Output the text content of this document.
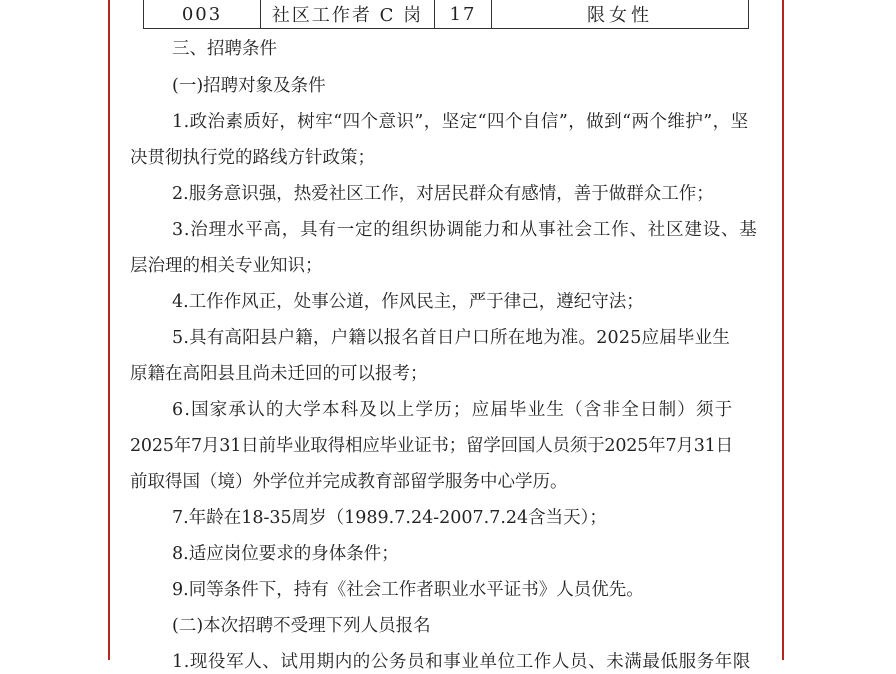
003	社区工作者 C 岗	17	限女性
三、招聘条件
(一)招聘对象及条件
1.政治素质好，树牢“四个意识”，坚定“四个自信”，做到“两个维护”，坚
决贯彻执行党的路线方针政策；
2.服务意识强，热爱社区工作，对居民群众有感情，善于做群众工作；
3.治理水平高，具有一定的组织协调能力和从事社会工作、社区建设、基
层治理的相关专业知识；
4.工作作风正，处事公道，作风民主，严于律己，遵纪守法；
5.具有高阳县户籍，户籍以报名首日户口所在地为准。2025应届毕业生
原籍在高阳县且尚未迁回的可以报考；
6.国家承认的大学本科及以上学历；应届毕业生（含非全日制）须于
2025年7月31日前毕业取得相应毕业证书；留学回国人员须于2025年7月31日
前取得国（境）外学位并完成教育部留学服务中心学历。
7.年龄在18-35周岁（1989.7.24-2007.7.24含当天）；
8.适应岗位要求的身体条件；
9.同等条件下，持有《社会工作者职业水平证书》人员优先。
(二)本次招聘不受理下列人员报名
1.现役军人、试用期内的公务员和事业单位工作人员、未满最低服务年限
